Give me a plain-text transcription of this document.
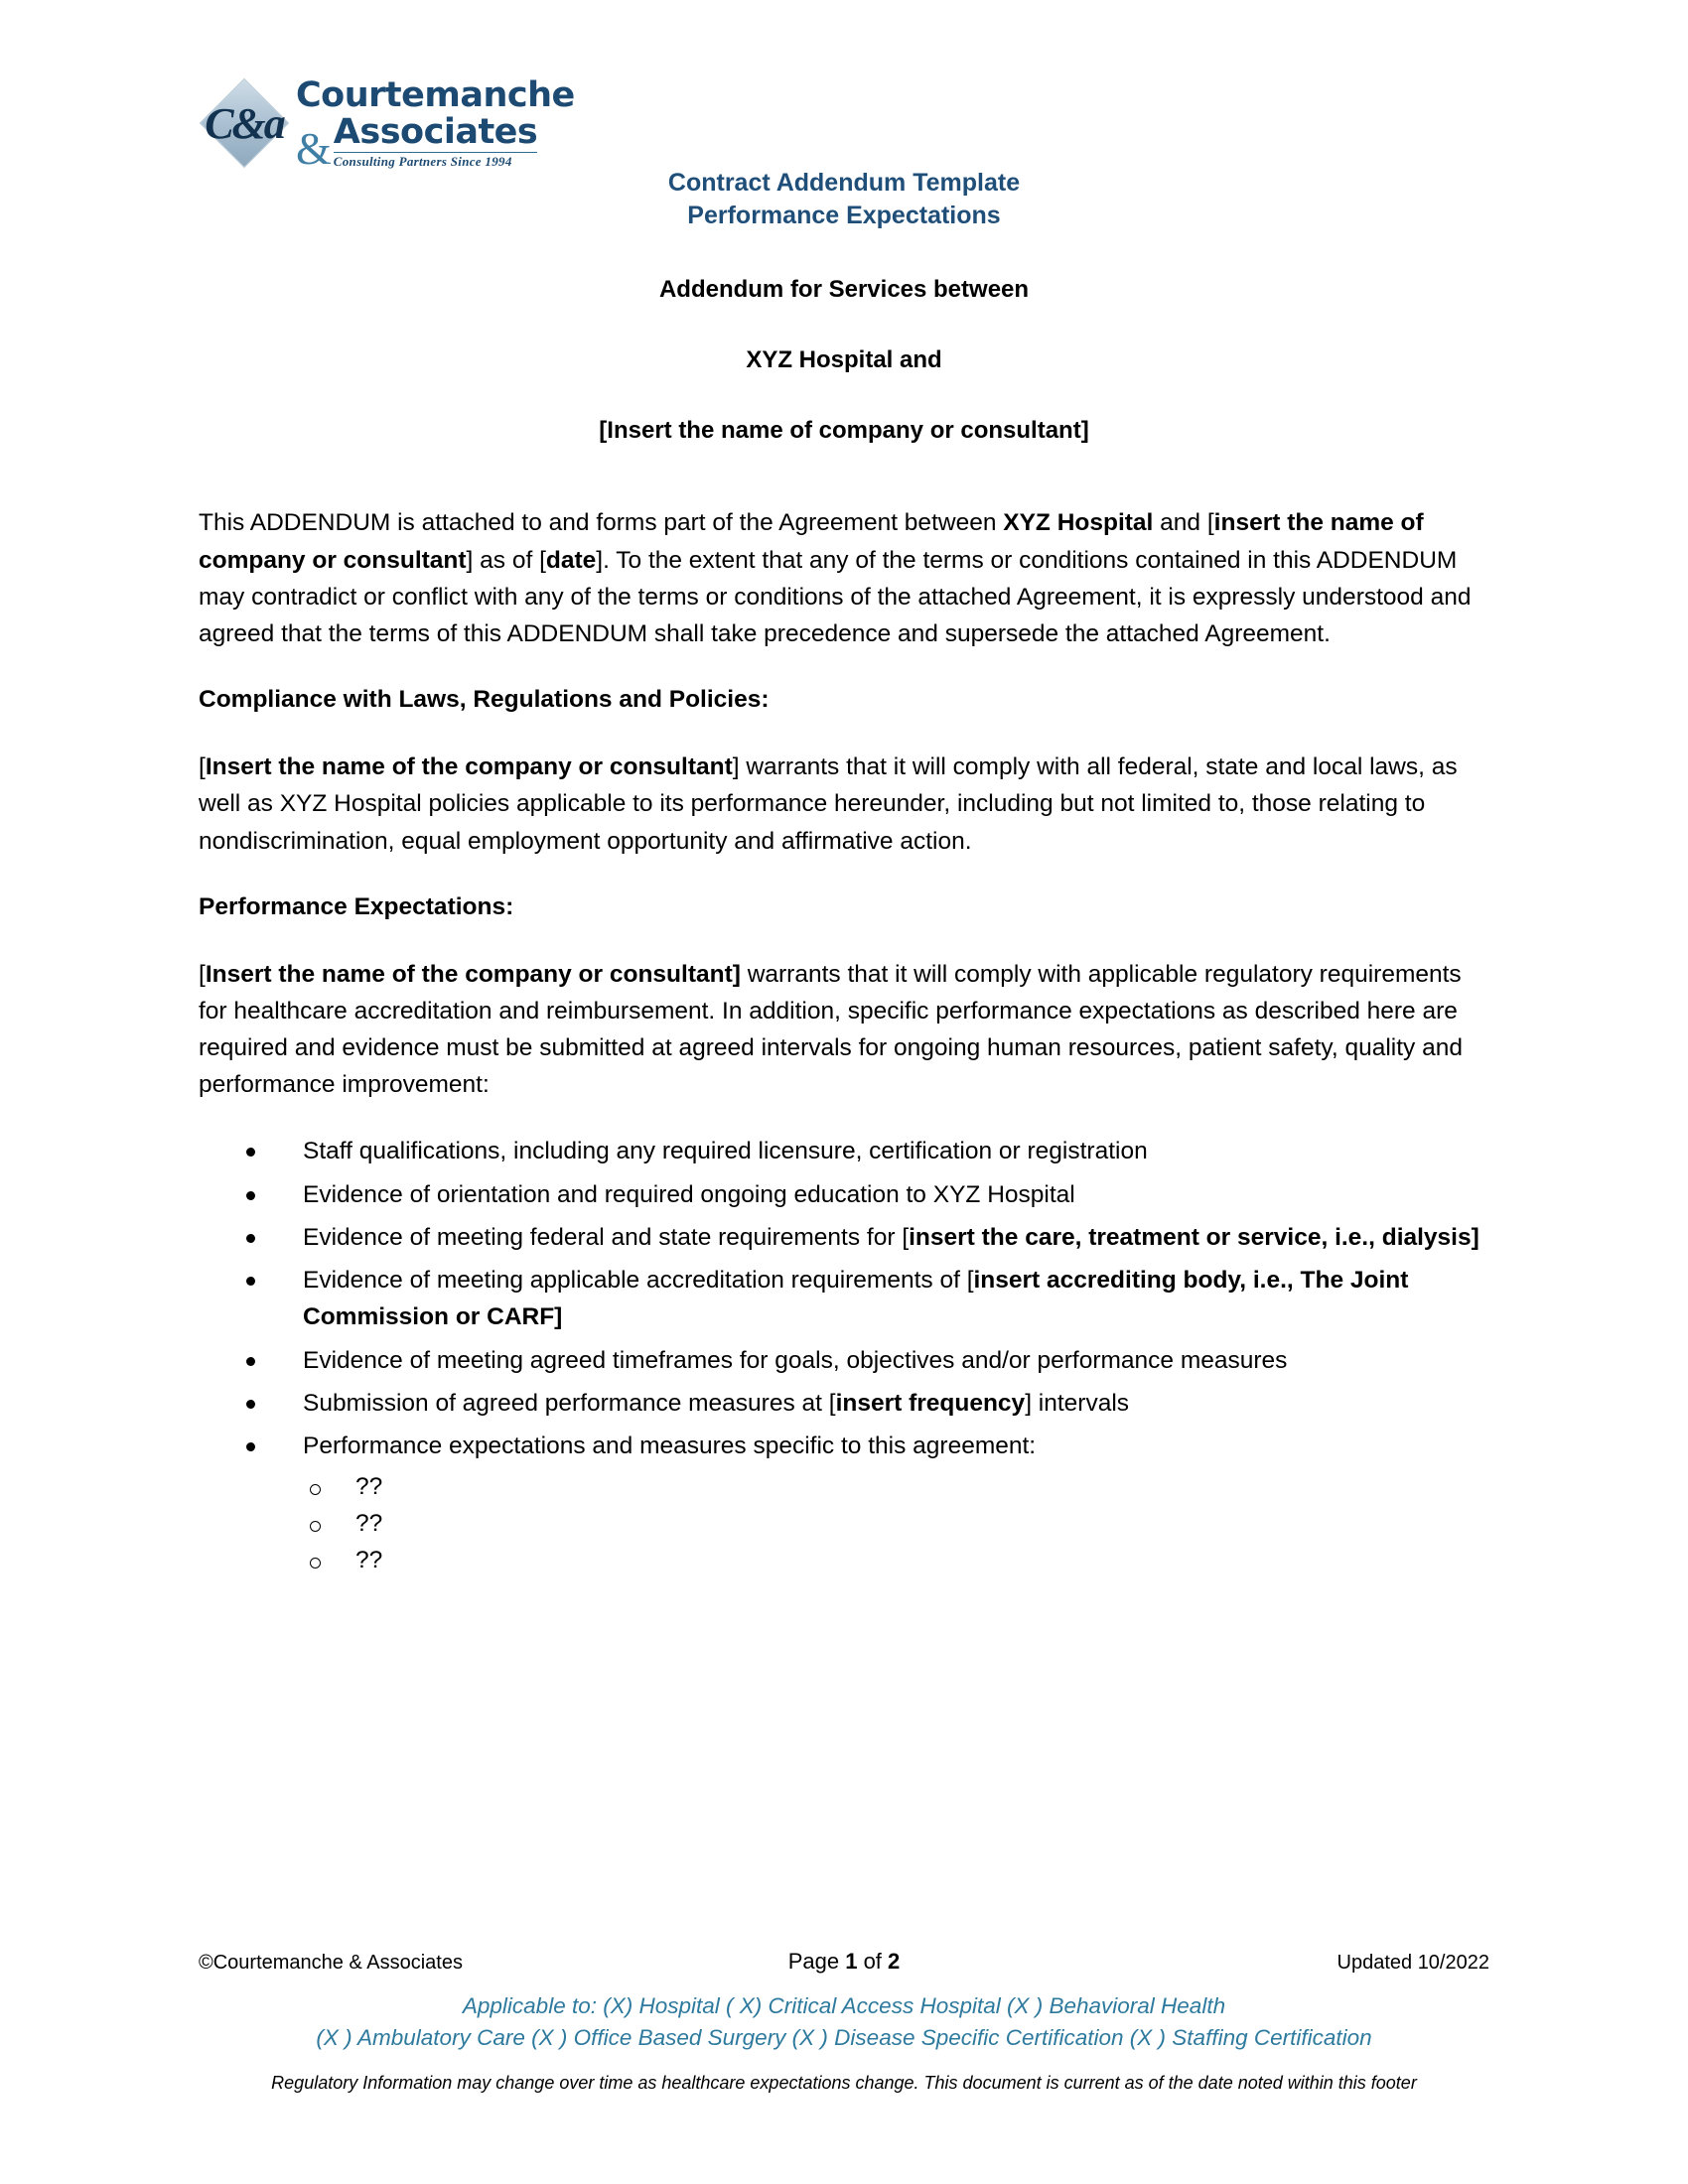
C&a
Courtemanche
& Associates
Consulting Partners Since 1994
Contract Addendum Template
Performance Expectations
Addendum for Services between
XYZ Hospital and
[Insert the name of company or consultant]

This ADDENDUM is attached to and forms part of the Agreement between XYZ Hospital and [insert the name of company or consultant] as of [date]. To the extent that any of the terms or conditions contained in this ADDENDUM may contradict or conflict with any of the terms or conditions of the attached Agreement, it is expressly understood and agreed that the terms of this ADDENDUM shall take precedence and supersede the attached Agreement.

Compliance with Laws, Regulations and Policies:

[Insert the name of the company or consultant] warrants that it will comply with all federal, state and local laws, as well as XYZ Hospital policies applicable to its performance hereunder, including but not limited to, those relating to nondiscrimination, equal employment opportunity and affirmative action.

Performance Expectations:

[Insert the name of the company or consultant] warrants that it will comply with applicable regulatory requirements for healthcare accreditation and reimbursement. In addition, specific performance expectations as described here are required and evidence must be submitted at agreed intervals for ongoing human resources, patient safety, quality and performance improvement:

Staff qualifications, including any required licensure, certification or registration
Evidence of orientation and required ongoing education to XYZ Hospital
Evidence of meeting federal and state requirements for [insert the care, treatment or service, i.e., dialysis]
Evidence of meeting applicable accreditation requirements of [insert accrediting body, i.e., The Joint Commission or CARF]
Evidence of meeting agreed timeframes for goals, objectives and/or performance measures
Submission of agreed performance measures at [insert frequency] intervals
Performance expectations and measures specific to this agreement:
??
??
??
©Courtemanche & Associates	Page 1 of 2	Updated 10/2022
Applicable to: (X) Hospital ( X) Critical Access Hospital (X ) Behavioral Health
(X ) Ambulatory Care (X ) Office Based Surgery (X ) Disease Specific Certification (X ) Staffing Certification
Regulatory Information may change over time as healthcare expectations change. This document is current as of the date noted within this footer
